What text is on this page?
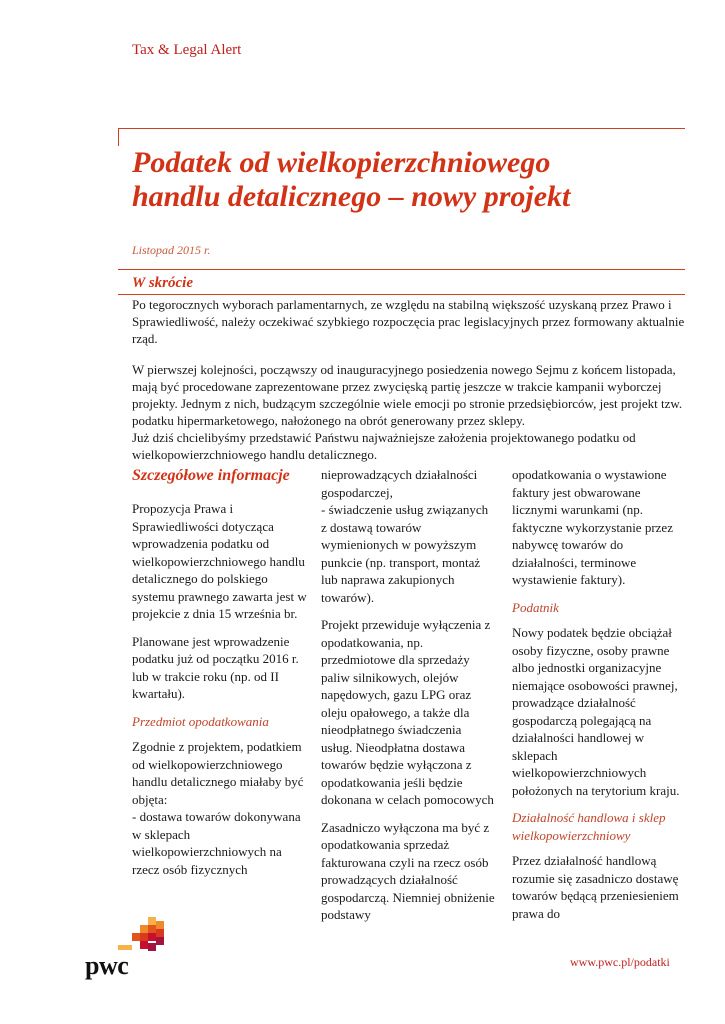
Tax & Legal Alert
Podatek od wielkopierzchniowego
handlu detalicznego – nowy projekt
Listopad 2015 r.
W skrócie

Po tegorocznych wyborach parlamentarnych, ze względu na stabilną większość uzyskaną przez Prawo i Sprawiedliwość, należy oczekiwać szybkiego rozpoczęcia prac legislacyjnych przez formowany aktualnie rząd.

W pierwszej kolejności, począwszy od inauguracyjnego posiedzenia nowego Sejmu z końcem listopada, mają być procedowane zaprezentowane przez zwycięską partię jeszcze w trakcie kampanii wyborczej projekty. Jednym z nich, budzącym szczególnie wiele emocji po stronie przedsiębiorców, jest projekt tzw. podatku hipermarketowego, nałożonego na obrót generowany przez sklepy.

Już dziś chcielibyśmy przedstawić Państwu najważniejsze założenia projektowanego podatku od wielkopowierzchniowego handlu detalicznego.

Szczegółowe informacje

Propozycja Prawa i Sprawiedliwości dotycząca wprowadzenia podatku od wielkopowierzchniowego handlu detalicznego do polskiego systemu prawnego zawarta jest w projekcie z dnia 15 września br.

Planowane jest wprowadzenie podatku już od początku 2016 r. lub w trakcie roku (np. od II kwartału).

Przedmiot opodatkowania

Zgodnie z projektem, podatkiem od wielkopowierzchniowego handlu detalicznego miałaby być objęta:

- dostawa towarów dokonywana w sklepach wielkopowierzchniowych na rzecz osób fizycznych

nieprowadzących działalności gospodarczej,

- świadczenie usług związanych z dostawą towarów wymienionych w powyższym punkcie (np. transport, montaż lub naprawa zakupionych towarów).

Projekt przewiduje wyłączenia z opodatkowania, np. przedmiotowe dla sprzedaży paliw silnikowych, olejów napędowych, gazu LPG oraz oleju opałowego, a także dla nieodpłatnego świadczenia usług. Nieodpłatna dostawa towarów będzie wyłączona z opodatkowania jeśli będzie dokonana w celach pomocowych

Zasadniczo wyłączona ma być z opodatkowania sprzedaż fakturowana czyli na rzecz osób prowadzących działalność gospodarczą. Niemniej obniżenie podstawy

opodatkowania o wystawione faktury jest obwarowane licznymi warunkami (np. faktyczne wykorzystanie przez nabywcę towarów do działalności, terminowe wystawienie faktury).

Podatnik

Nowy podatek będzie obciążał osoby fizyczne, osoby prawne albo jednostki organizacyjne niemające osobowości prawnej, prowadzące działalność gospodarczą polegającą na działalności handlowej w sklepach wielkopowierzchniowych położonych na terytorium kraju.

Działalność handlowa i sklep wielkopowierzchniowy

Przez działalność handlową rozumie się zasadniczo dostawę towarów będącą przeniesieniem prawa do

pwc	www.pwc.pl/podatki
